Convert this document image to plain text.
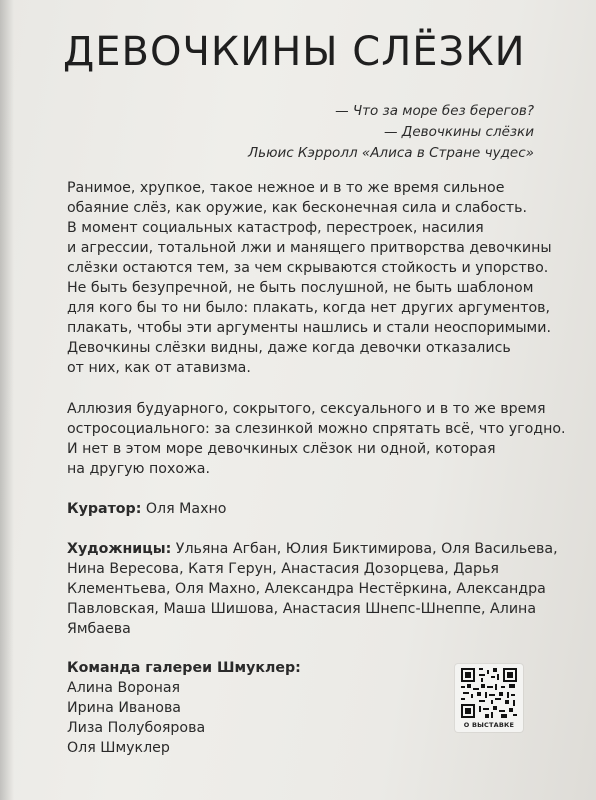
ДЕВОЧКИНЫ СЛЁЗКИ
— Что за море без берегов?
— Девочкины слёзки
Льюис Кэрролл «Алиса в Стране чудес»
Ранимое, хрупкое, такое нежное и в то же время сильное
обаяние слёз, как оружие, как бесконечная сила и слабость.
В момент социальных катастроф, перестроек, насилия
и агрессии, тотальной лжи и манящего притворства девочкины
слёзки остаются тем, за чем скрываются стойкость и упорство.
Не быть безупречной, не быть послушной, не быть шаблоном
для кого бы то ни было: плакать, когда нет других аргументов,
плакать, чтобы эти аргументы нашлись и стали неоспоримыми.
Девочкины слёзки видны, даже когда девочки отказались
от них, как от атавизма.
Аллюзия будуарного, сокрытого, сексуального и в то же время
остросоциального: за слезинкой можно спрятать всё, что угодно.
И нет в этом море девочкиных слёзок ни одной, которая
на другую похожа.
Куратор: Оля Махно
Художницы: Ульяна Агбан, Юлия Биктимирова, Оля Васильева,
Нина Вересова, Катя Герун, Анастасия Дозорцева, Дарья
Клементьева, Оля Махно, Александра Нестёркина, Александра
Павловская, Маша Шишова, Анастасия Шнепс-Шнеппе, Алина
Ямбаева
Команда галереи Шмуклер:
Алина Вороная
Ирина Иванова
Лиза Полубоярова
Оля Шмуклер
О ВЫСТАВКЕ
